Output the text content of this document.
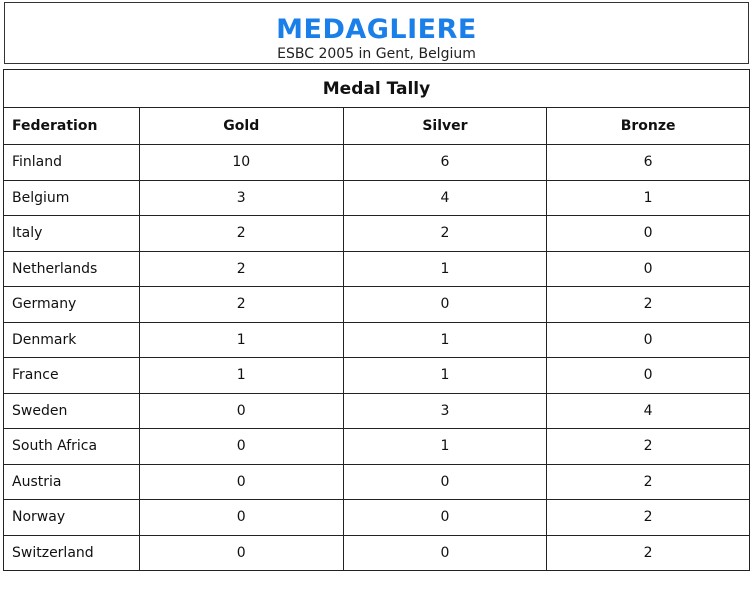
MEDAGLIERE
ESBC 2005 in Gent, Belgium
Medal Tally			
Federation	Gold	Silver	Bronze
Finland	10	6	6
Belgium	3	4	1
Italy	2	2	0
Netherlands	2	1	0
Germany	2	0	2
Denmark	1	1	0
France	1	1	0
Sweden	0	3	4
South Africa	0	1	2
Austria	0	0	2
Norway	0	0	2
Switzerland	0	0	2
